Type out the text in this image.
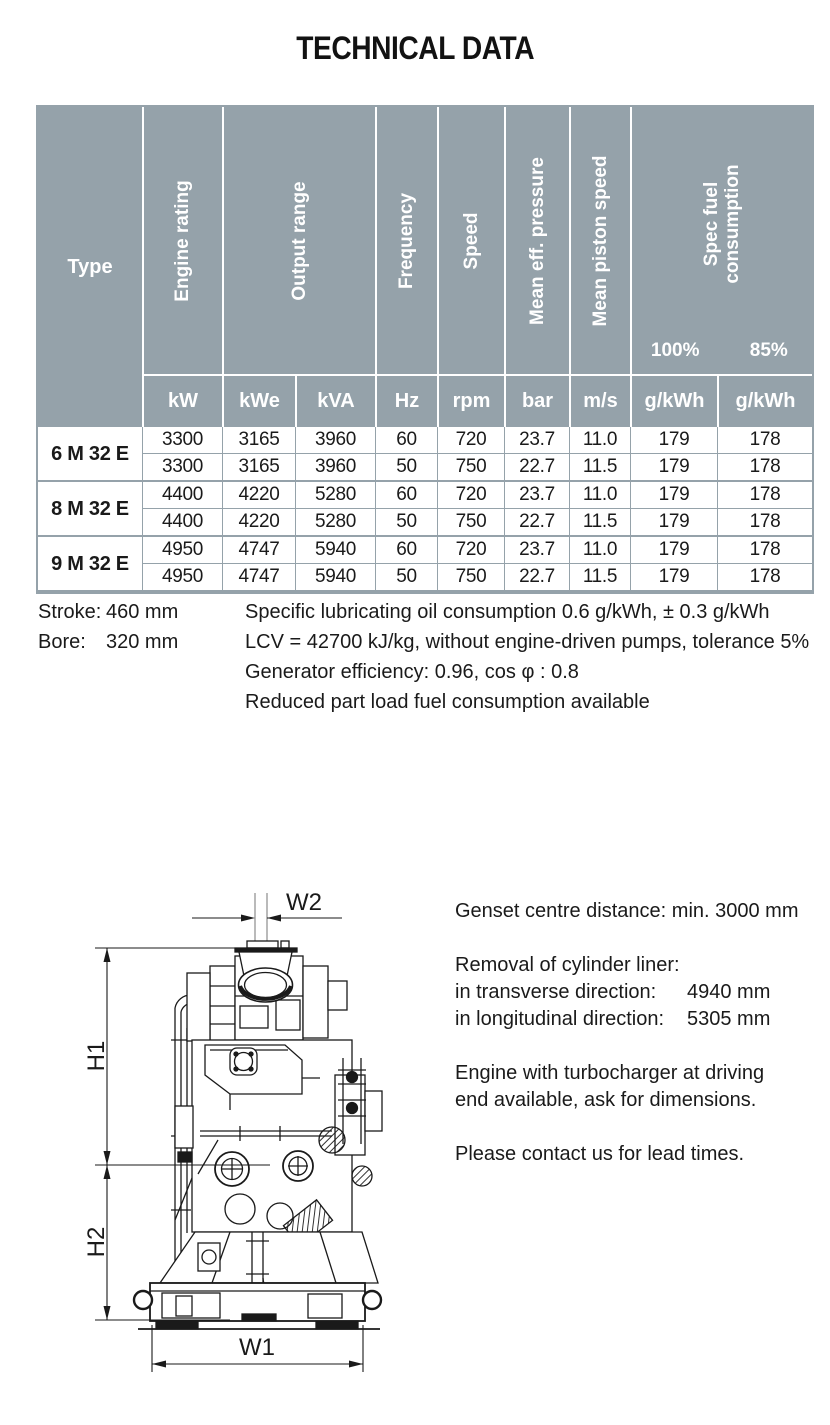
TECHNICAL DATA
Type	Engine rating	Output range		Frequency	Speed	Mean eff. pressure	Mean piston speed	Spec fuel consumption
100% 85%	

	kW	kWe	kVA	Hz	rpm	bar	m/s	g/kWh	g/kWh
6 M 32 E	3300	3165	3960	60	720	23.7	11.0	179	178
	3300	3165	3960	50	750	22.7	11.5	179	178
8 M 32 E	4400	4220	5280	60	720	23.7	11.0	179	178
	4400	4220	5280	50	750	22.7	11.5	179	178
9 M 32 E	4950	4747	5940	60	720	23.7	11.0	179	178
	4950	4747	5940	50	750	22.7	11.5	179	178
Stroke: 460 mm
Bore: 320 mm
Specific lubricating oil consumption 0.6 g/kWh, ± 0.3 g/kWh
LCV = 42700 kJ/kg, without engine-driven pumps, tolerance 5%
Generator efficiency: 0.96, cos φ : 0.8
Reduced part load fuel consumption available
W2
H1
H2
W1

Genset centre distance: min. 3000 mm

Removal of cylinder liner:
in transverse direction:	4940 mm
in longitudinal direction:	5305 mm

Engine with turbocharger at driving
end available, ask for dimensions.

Please contact us for lead times.
